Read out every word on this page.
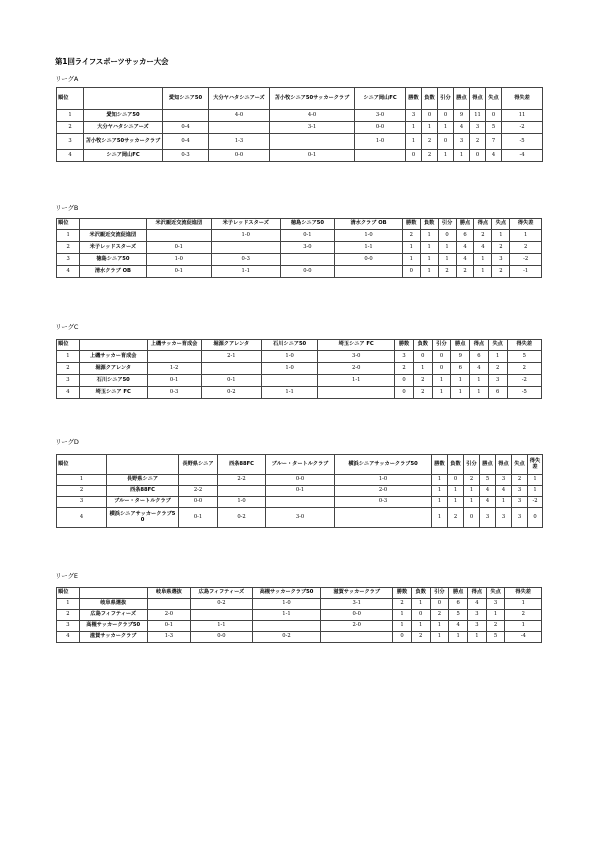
第1回ライフスポーツサッカー大会
リーグA
順位		愛知シニア50	大分ヤハタシニアーズ	苫小牧シニア50サッカークラブ	シニア岡山FC	勝数	負数	引分	勝点	得点	失点	得失差
1	愛知シニア50		4-0	4-0	3-0	3	0	0	9	11	0	11
2	大分ヤハタシニアーズ	0-4		3-1	0-0	1	1	1	4	3	5	-2
3	苫小牧シニア50サッカークラブ	0-4	1-3		1-0	1	2	0	3	2	7	-5
4	シニア岡山FC	0-3	0-0	0-1		0	2	1	1	0	4	-4
リーグB
順位		米沢親近交流促進団	米子レッドスターズ	徳島シニア50	清水クラブ OB	勝数	負数	引分	勝点	得点	失点	得失差
1	米沢親近交流促進団		1-0	0-1	1-0	2	1	0	6	2	1	1
2	米子レッドスターズ	0-1		3-0	1-1	1	1	1	4	4	2	2
3	徳島シニア50	1-0	0-3		0-0	1	1	1	4	1	3	-2
4	清水クラブ OB	0-1	1-1	0-0		0	1	2	2	1	2	-1
リーグC
順位		上磯サッカー育成会	堀源クアレンタ	石川シニア50	埼玉シニア FC	勝数	負数	引分	勝点	得点	失点	得失差
1	上磯サッカー育成会		2-1	1-0	3-0	3	0	0	9	6	1	5
2	堀源クアレンタ	1-2		1-0	2-0	2	1	0	6	4	2	2
3	石川シニア50	0-1	0-1		1-1	0	2	1	1	1	3	-2
4	埼玉シニア FC	0-3	0-2	1-1		0	2	1	1	1	6	-5
リーグD
順位		長野県シニア	西条88FC	ブルー・タートルクラブ	横浜シニアサッカークラブ50	勝数	負数	引分	勝点	得点	失点	得失差
1	長野県シニア		2-2	0-0	1-0	1	0	2	5	3	2	1
2	西条88FC	2-2		0-1	2-0	1	1	1	4	4	3	1
3	ブルー・タートルクラブ	0-0	1-0		0-3	1	1	1	4	1	3	-2
4	横浜シニアサッカークラブ50	0-1	0-2	3-0		1	2	0	3	3	3	0
リーグE
順位		岐阜県選抜	広島フィフティーズ	高槻サッカークラブ50	滋賀サッカークラブ	勝数	負数	引分	勝点	得点	失点	得失差
1	岐阜県選抜		0-2	1-0	3-1	2	1	0	6	4	3	1
2	広島フィフティーズ	2-0		1-1	0-0	1	0	2	5	3	1	2
3	高槻サッカークラブ50	0-1	1-1		2-0	1	1	1	4	3	2	1
4	滋賀サッカークラブ	1-3	0-0	0-2		0	2	1	1	1	5	-4
